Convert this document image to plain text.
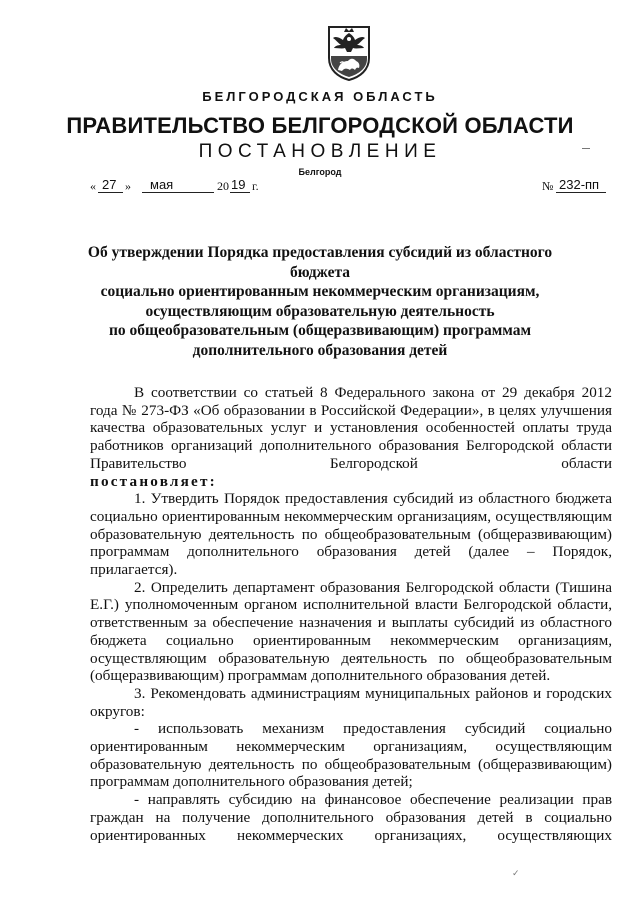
БЕЛГОРОДСКАЯ ОБЛАСТЬ
ПРАВИТЕЛЬСТВО БЕЛГОРОДСКОЙ ОБЛАСТИ
ПОСТАНОВЛЕНИЕ
Белгород
« 27 » мая	20 19 г.	№ 232-пп
Об утверждении Порядка предоставления субсидий из областного бюджета
социально ориентированным некоммерческим организациям,
осуществляющим образовательную деятельность
по общеобразовательным (общеразвивающим) программам
дополнительного образования детей

В соответствии со статьей 8 Федерального закона от 29 декабря 2012 года № 273-ФЗ «Об образовании в Российской Федерации», в целях улучшения качества образовательных услуг и установления особенностей оплаты труда работников организаций дополнительного образования Белгородской области Правительство Белгородской области

постановляет:

1. Утвердить Порядок предоставления субсидий из областного бюджета социально ориентированным некоммерческим организациям, осуществляющим образовательную деятельность по общеобразовательным (общеразвивающим) программам дополнительного образования детей (далее – Порядок, прилагается).

2. Определить департамент образования Белгородской области (Тишина Е.Г.) уполномоченным органом исполнительной власти Белгородской области, ответственным за обеспечение назначения и выплаты субсидий из областного бюджета социально ориентированным некоммерческим организациям, осуществляющим образовательную деятельность по общеобразовательным (общеразвивающим) программам дополнительного образования детей.

3. Рекомендовать администрациям муниципальных районов и городских округов:

- использовать механизм предоставления субсидий социально ориентированным некоммерческим организациям, осуществляющим образовательную деятельность по общеобразовательным (общеразвивающим) программам дополнительного образования детей;

- направлять субсидию на финансовое обеспечение реализации прав граждан на получение дополнительного образования детей в социально ориентированных некоммерческих организациях, осуществляющих

✓
